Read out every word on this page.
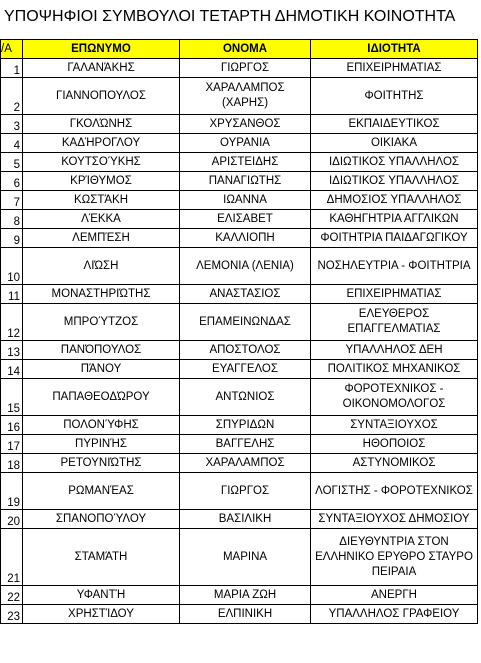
ΥΠΟΨΗΦΙΟΙ ΣΥΜΒΟΥΛΟΙ ΤΕΤΑΡΤΗ ΔΗΜΟΤΙΚΗ ΚΟΙΝΟΤΗΤΑ
/A	ΕΠΩΝΥΜΟ	ΟΝΟΜΑ	ΙΔΙΟΤΗΤΑ
1	ΓΑΛΑΝΆΚΗΣ	ΓΙΩΡΓΟΣ	ΕΠΙΧΕΙΡΗΜΑΤΙΑΣ
2	ΓΙΑΝΝΟΠΟΥΛΟΣ	ΧΑΡΑΛΑΜΠΟΣ (ΧΑΡΗΣ)	ΦΟΙΤΗΤΗΣ
3	ΓΚΟΛΏΝΗΣ	ΧΡΥΣΑΝΘΟΣ	ΕΚΠΑΙΔΕΥΤΙΚΟΣ
4	ΚΑΔΉΡΟΓΛΟΥ	ΟΥΡΑΝΙΑ	ΟΙΚΙΑΚΑ
5	ΚΟΥΤΣΟΎΚΗΣ	ΑΡΙΣΤΕΙΔΗΣ	ΙΔΙΩΤΙΚΟΣ ΥΠΑΛΛΗΛΟΣ
6	ΚΡΊΘΥΜΟΣ	ΠΑΝΑΓΙΩΤΗΣ	ΙΔΙΩΤΙΚΟΣ ΥΠΑΛΛΗΛΟΣ
7	ΚΩΣΤΆΚΗ	ΙΩΑΝΝΑ	ΔΗΜΟΣΙΟΣ ΥΠΑΛΛΗΛΟΣ
8	ΛΈΚΚΑ	ΕΛΙΣΑΒΕΤ	ΚΑΘΗΓΗΤΡΙΑ ΑΓΓΛΙΚΩΝ
9	ΛΕΜΠΈΣΗ	ΚΑΛΛΙΟΠΗ	ΦΟΙΤΗΤΡΙΑ ΠΑΙΔΑΓΩΓΙΚΟΥ
10	ΛΙΏΣΗ	ΛΕΜΟΝΙΑ (ΛΕΝΙΑ)	ΝΟΣΗΛΕΥΤΡΙΑ - ΦΟΙΤΗΤΡΙΑ
11	ΜΟΝΑΣΤΗΡΙΏΤΗΣ	ΑΝΑΣΤΑΣΙΟΣ	ΕΠΙΧΕΙΡΗΜΑΤΙΑΣ
12	ΜΠΡΟΎΤΖΟΣ	ΕΠΑΜΕΙΝΩΝΔΑΣ	ΕΛΕΥΘΕΡΟΣ ΕΠΑΓΓΕΛΜΑΤΙΑΣ
13	ΠΑΝΌΠΟΥΛΟΣ	ΑΠΟΣΤΟΛΟΣ	ΥΠΑΛΛΗΛΟΣ ΔΕΗ
14	ΠΆΝΟΥ	ΕΥΑΓΓΕΛΟΣ	ΠΟΛΙΤΙΚΟΣ ΜΗΧΑΝΙΚΟΣ
15	ΠΑΠΑΘΕΟΔΏΡΟΥ	ΑΝΤΩΝΙΟΣ	ΦΟΡΟΤΕΧΝΙΚΟΣ - ΟΙΚΟΝΟΜΟΛΟΓΟΣ
16	ΠΟΛΟΝΎΦΗΣ	ΣΠΥΡΙΔΩΝ	ΣΥΝΤΑΞΙΟΥΧΟΣ
17	ΠΥΡΙΝΉΣ	ΒΑΓΓΕΛΗΣ	ΗΘΟΠΟΙΟΣ
18	ΡΕΤΟΥΝΙΏΤΗΣ	ΧΑΡΑΛΑΜΠΟΣ	ΑΣΤΥΝΟΜΙΚΟΣ
19	ΡΩΜΑΝΈΑΣ	ΓΙΩΡΓΟΣ	ΛΟΓΙΣΤΗΣ - ΦΟΡΟΤΕΧΝΙΚΟΣ
20	ΣΠΑΝΟΠΟΎΛΟΥ	ΒΑΣΙΛΙΚΗ	ΣΥΝΤΑΞΙΟΥΧΟΣ ΔΗΜΟΣΙΟΥ
21	ΣΤΑΜΆΤΗ	ΜΑΡΙΝΑ	ΔΙΕΥΘΥΝΤΡΙΑ ΣΤΟΝ ΕΛΛΗΝΙΚΟ ΕΡΥΘΡΟ ΣΤΑΥΡΟ ΠΕΙΡΑΙΑ
22	ΥΦΑΝΤΉ	ΜΑΡΙΑ ΖΩΗ	ΑΝΕΡΓΗ
23	ΧΡΗΣΤΊΔΟΥ	ΕΛΠΙΝΙΚΗ	ΥΠΑΛΛΗΛΟΣ ΓΡΑΦΕΙΟΥ
